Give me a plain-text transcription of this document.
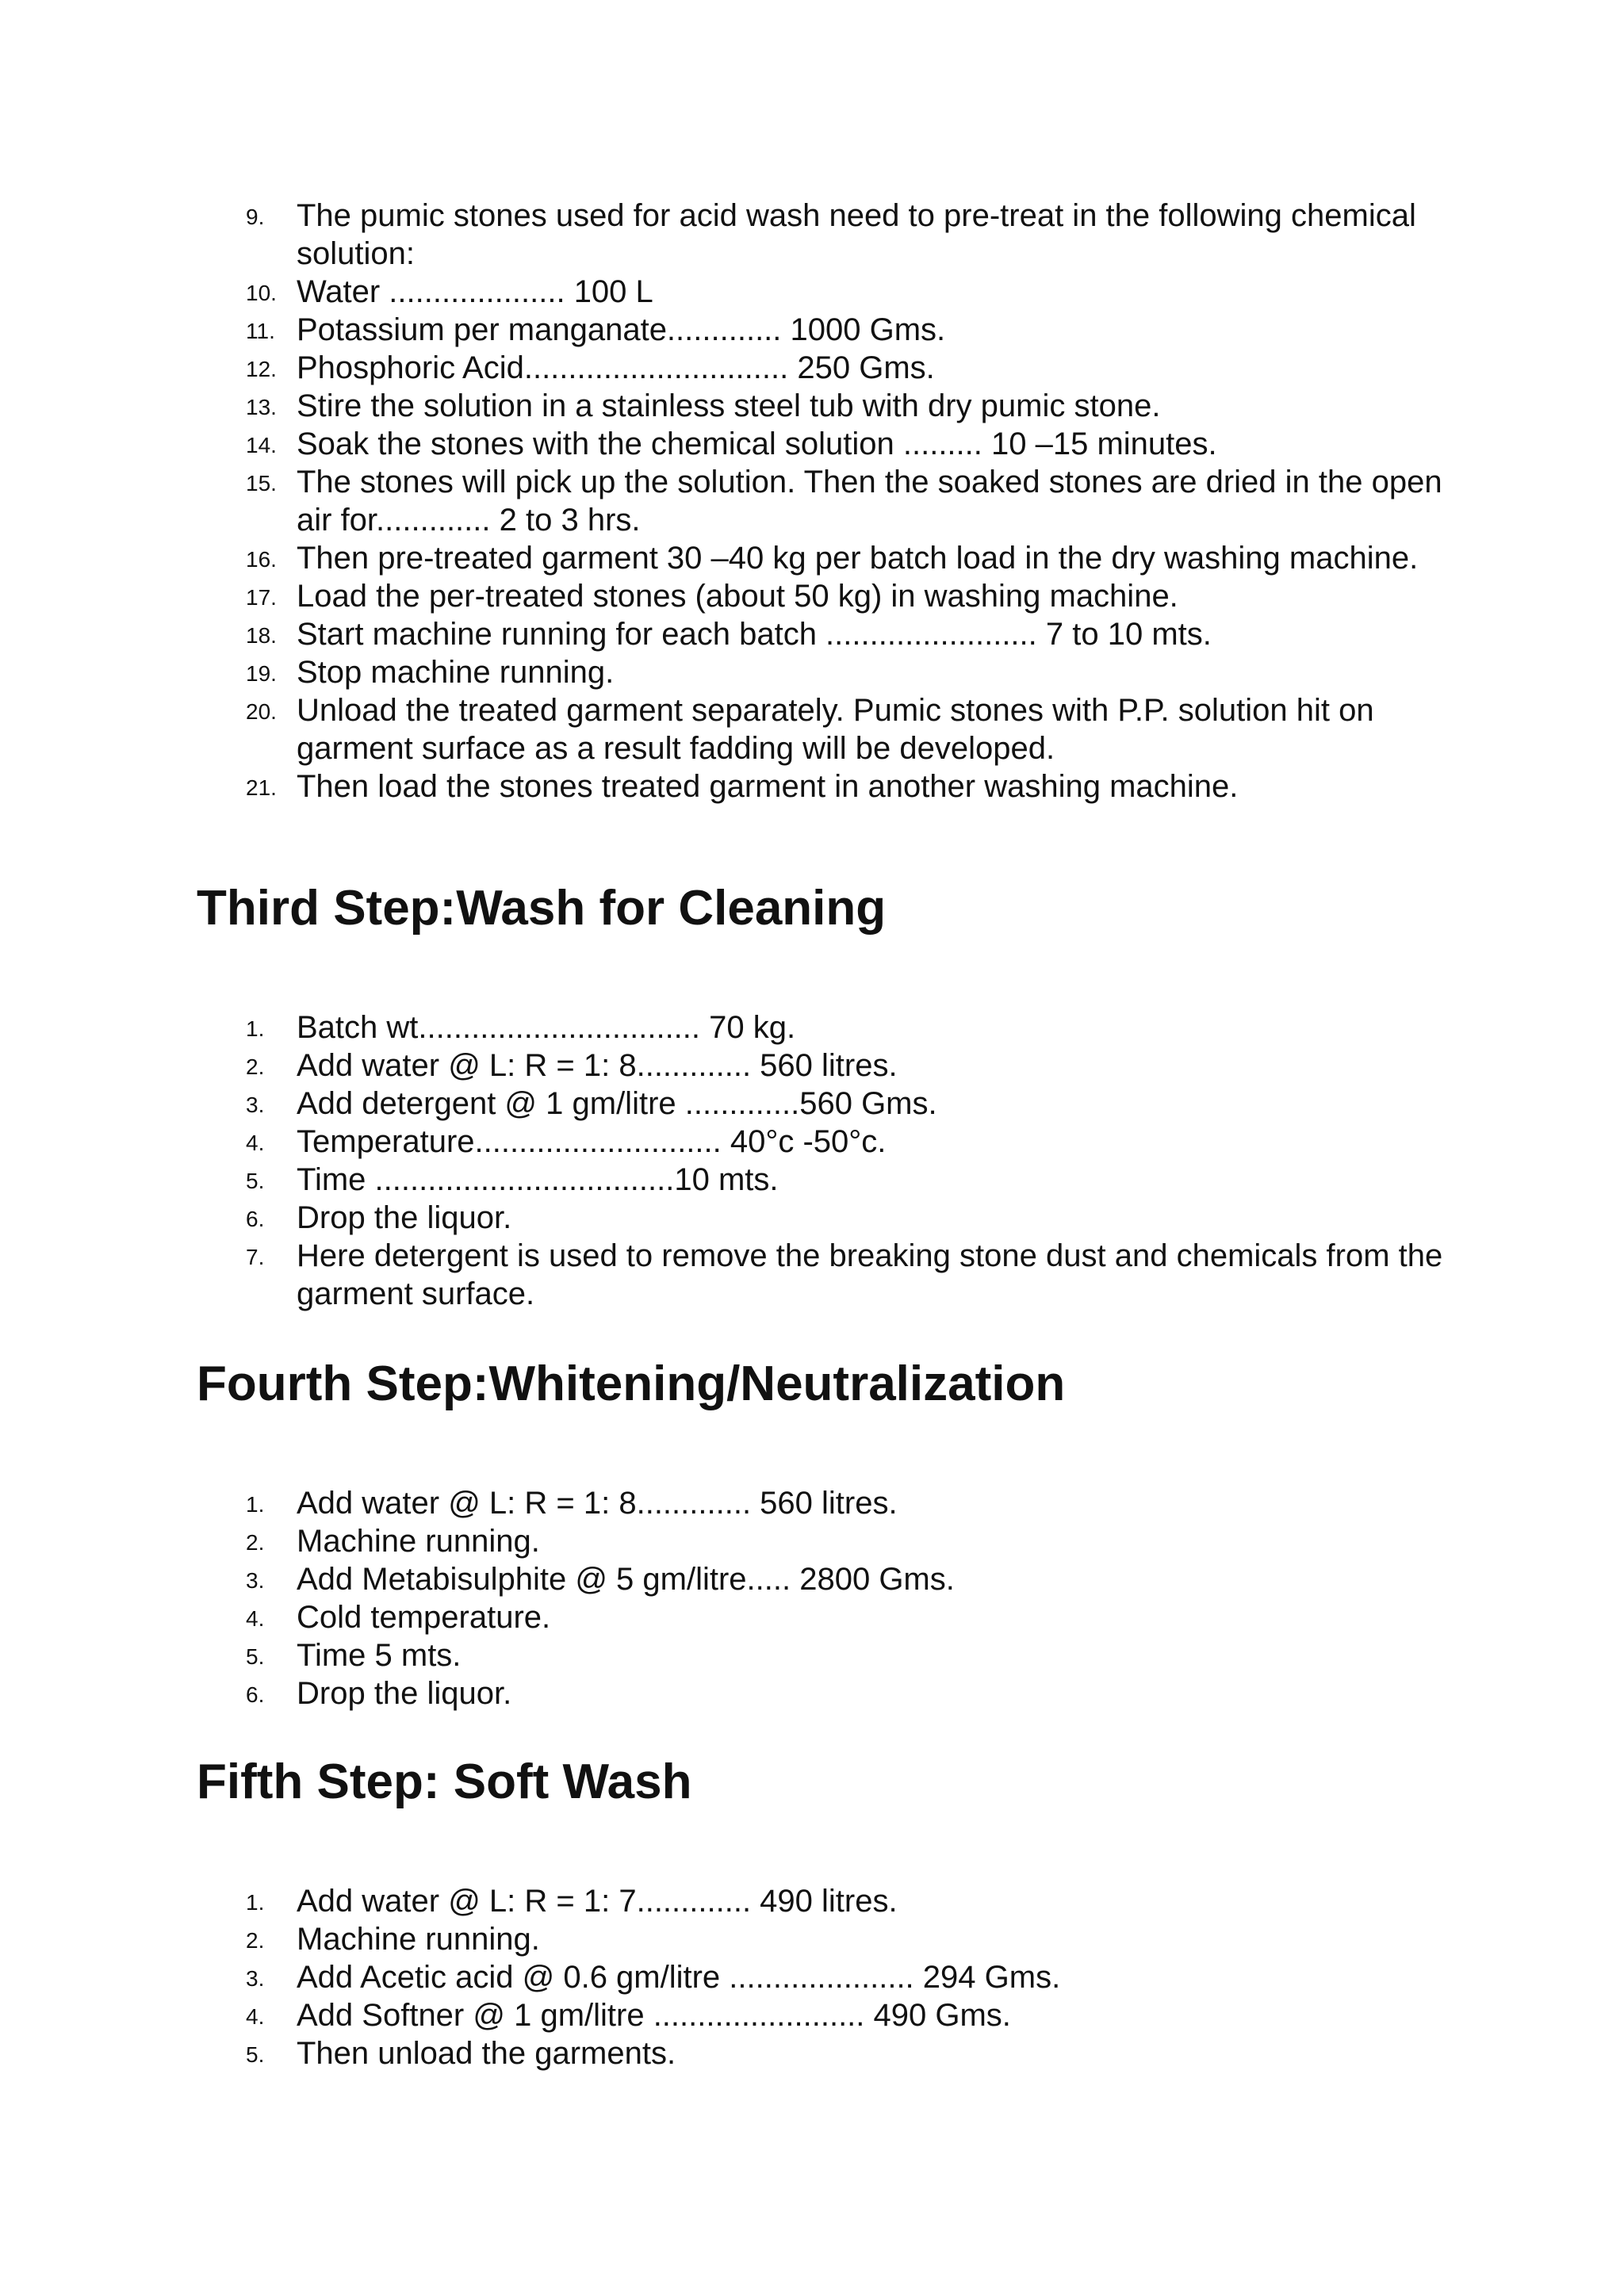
9. The pumic stones used for acid wash need to pre-treat in the following chemical solution:
10. Water .................... 100 L
11. Potassium per manganate............. 1000 Gms.
12. Phosphoric Acid.............................. 250 Gms.
13. Stire the solution in a stainless steel tub with dry pumic stone.
14. Soak the stones with the chemical solution ......... 10 –15 minutes.
15. The stones will pick up the solution. Then the soaked stones are dried in the open air for............. 2 to 3 hrs.
16. Then pre-treated garment 30 –40 kg per batch load in the dry washing machine.
17. Load the per-treated stones (about 50 kg) in washing machine.
18. Start machine running for each batch ........................ 7 to 10 mts.
19. Stop machine running.
20. Unload the treated garment separately. Pumic stones with P.P. solution hit on garment surface as a result fadding will be developed.
21. Then load the stones treated garment in another washing machine.
Third Step:Wash for Cleaning
1. Batch wt................................ 70 kg.
2. Add water @ L: R = 1: 8............. 560 litres.
3. Add detergent @ 1 gm/litre .............560 Gms.
4. Temperature............................ 40°c -50°c.
5. Time ..................................10 mts.
6. Drop the liquor.
7. Here detergent is used to remove the breaking stone dust and chemicals from the garment surface.
Fourth Step:Whitening/Neutralization
1. Add water @ L: R = 1: 8............. 560 litres.
2. Machine running.
3. Add Metabisulphite @ 5 gm/litre..... 2800 Gms.
4. Cold temperature.
5. Time 5 mts.
6. Drop the liquor.
Fifth Step: Soft Wash
1. Add water @ L: R = 1: 7............. 490 litres.
2. Machine running.
3. Add Acetic acid @ 0.6 gm/litre ..................... 294 Gms.
4. Add Softner @ 1 gm/litre ........................ 490 Gms.
5. Then unload the garments.
